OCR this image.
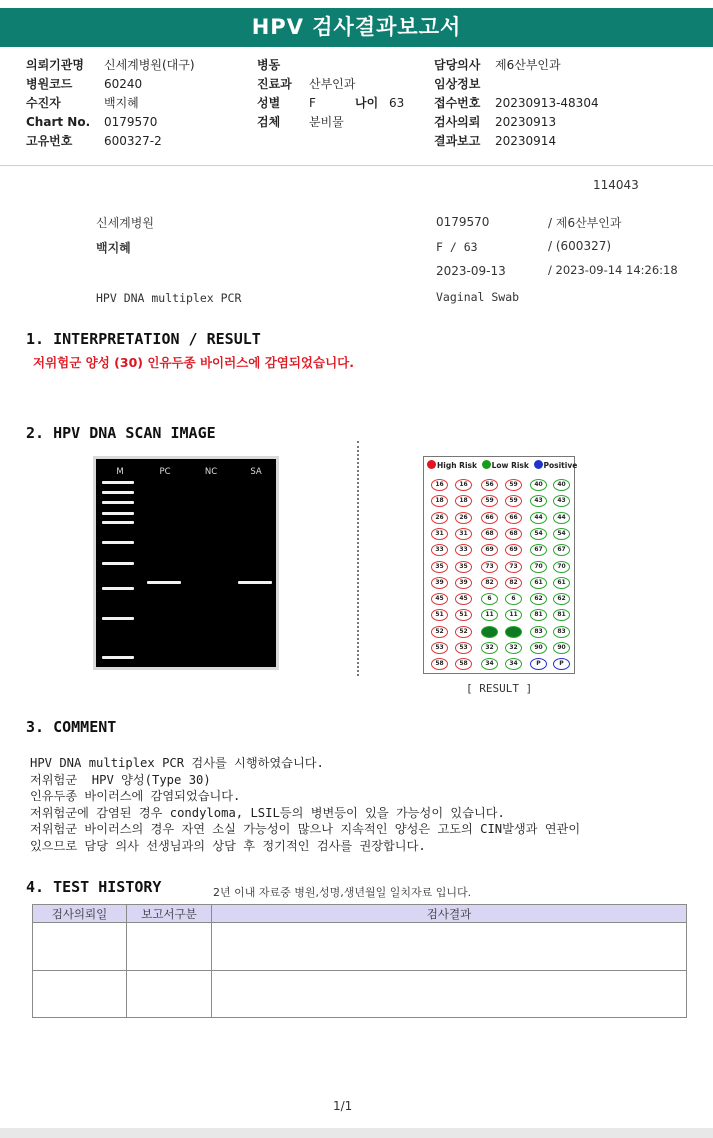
HPV 검사결과보고서
의뢰기관명 신세계병원(대구)
병원코드	60240
수진자	백지혜
Chart No. 0179570
고유번호	600327-2
병동
진료과 산부인과
성별 F	나이 63
검체 분비물
담당의사 제6산부인과
임상정보
접수번호 20230913-48304
검사의뢰 20230913
결과보고 20230914
114043
신세계병원
백지혜
HPV DNA multiplex PCR
0179570	/ 제6산부인과
F / 63	/ (600327)
2023-09-13	/ 2023-09-14 14:26:18
Vaginal Swab
1. INTERPRETATION / RESULT
저위험군 양성 (30) 인유두종 바이러스에 감염되었습니다.
2. HPV DNA SCAN IMAGE
M	PC	NC	SA
High Risk Low Risk Positive
16	16	56	59	40	40
18	18	59	59	43	43
26	26	66	66	44	44
31	31	68	68	54	54
33	33	69	69	67	67
35	35	73	73	70	70
39	39	82	82	61	61
45	45	6	6	62	62
51	51	11	11	81	81
52	52	30	30	83	83
53	53	32	32	90	90
58	58	34	34	P	P
[ RESULT ]
3. COMMENT
HPV DNA multiplex PCR 검사를 시행하였습니다.
저위험군  HPV 양성(Type 30)
인유두종 바이러스에 감염되었습니다.
저위험군에 감염된 경우 condyloma, LSIL등의 병변등이 있을 가능성이 있습니다.
저위험군 바이러스의 경우 자연 소실 가능성이 많으나 지속적인 양성은 고도의 CIN발생과 연관이
있으므로 담당 의사 선생님과의 상담 후 정기적인 검사를 권장합니다.
4. TEST HISTORY	2년 이내 자료중 병원,성명,생년월일 일치자료 입니다.
검사의뢰일	보고서구분	검사결과

1/1
